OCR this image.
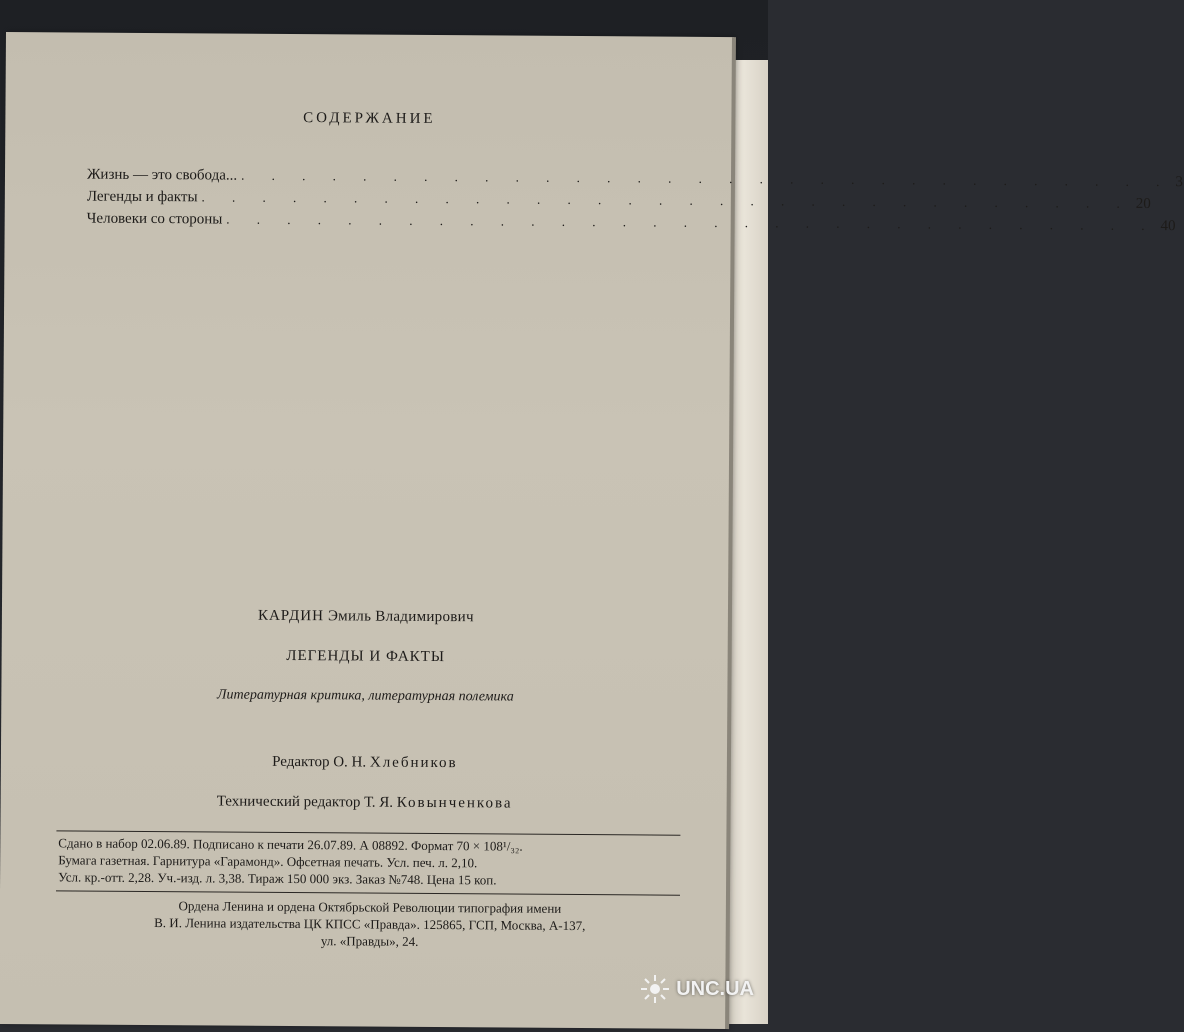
СОДЕРЖАНИЕ
Жизнь — это свобода... . . . . . . . . . . . . . . . . . . . . . . . . . . . . . . . 3
Легенды и факты . . . . . . . . . . . . . . . . . . . . . . . . . . . . . . . 20
Человеки со стороны . . . . . . . . . . . . . . . . . . . . . . . . . . . . . . . 40
КАРДИН Эмиль Владимирович
ЛЕГЕНДЫ И ФАКТЫ
Литературная критика, литературная полемика
Редактор О. Н. Хлебников
Технический редактор Т. Я. Ковынченкова
Сдано в набор 02.06.89. Подписано к печати 26.07.89. А 08892. Формат 70 × 108¹/₃₂.
Бумага газетная. Гарнитура «Гарамонд». Офсетная печать. Усл. печ. л. 2,10.
Усл. кр.-отт. 2,28. Уч.-изд. л. 3,38. Тираж 150 000 экз. Заказ №748. Цена 15 коп.
Ордена Ленина и ордена Октябрьской Революции типография имени
В. И. Ленина издательства ЦК КПСС «Правда». 125865, ГСП, Москва, А-137,
ул. «Правды», 24.
UNC.UA
